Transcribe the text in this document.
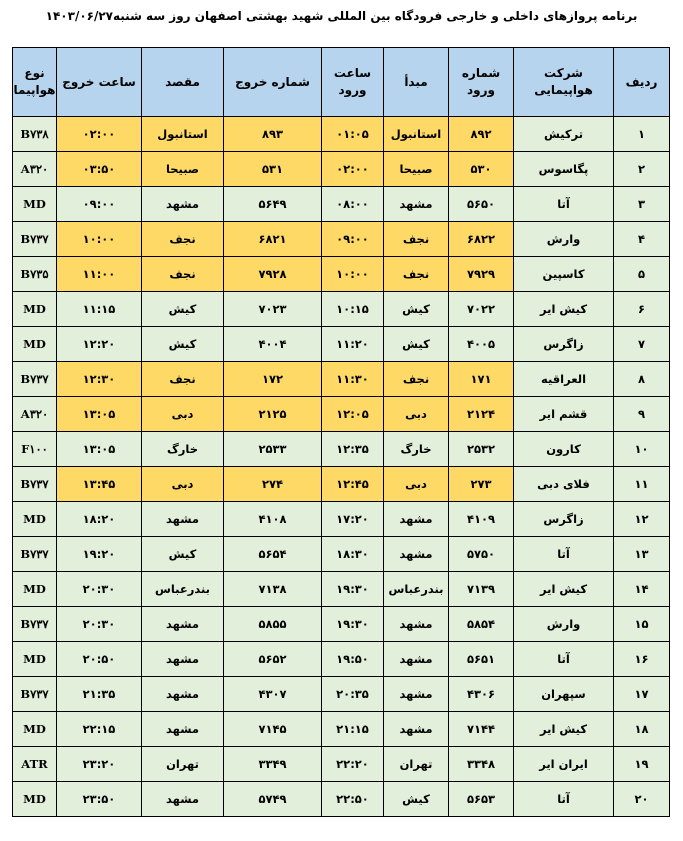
برنامه پروازهای داخلی و خارجی فرودگاه بین المللی شهید بهشتی اصفهان روز سه شنبه۱۴۰۳/۰۶/۲۷
ردیف	شرکت هواپیمایی	شماره ورود	مبدأ	ساعت ورود	شماره خروج	مقصد	ساعت خروج	نوع هواپیما
۱	ترکیش	۸۹۲	استانبول	۰۱:۰۵	۸۹۳	استانبول	۰۲:۰۰	B۷۳۸
۲	پگاسوس	۵۳۰	صبیحا	۰۲:۰۰	۵۳۱	صبیحا	۰۳:۵۰	A۳۲۰
۳	آتا	۵۶۵۰	مشهد	۰۸:۰۰	۵۶۴۹	مشهد	۰۹:۰۰	MD
۴	وارش	۶۸۲۲	نجف	۰۹:۰۰	۶۸۲۱	نجف	۱۰:۰۰	B۷۳۷
۵	کاسپین	۷۹۲۹	نجف	۱۰:۰۰	۷۹۲۸	نجف	۱۱:۰۰	B۷۳۵
۶	کیش ایر	۷۰۲۲	کیش	۱۰:۱۵	۷۰۲۳	کیش	۱۱:۱۵	MD
۷	زاگرس	۴۰۰۵	کیش	۱۱:۲۰	۴۰۰۴	کیش	۱۲:۲۰	MD
۸	العراقیه	۱۷۱	نجف	۱۱:۳۰	۱۷۲	نجف	۱۲:۳۰	B۷۳۷
۹	قشم ایر	۲۱۲۴	دبی	۱۲:۰۵	۲۱۲۵	دبی	۱۳:۰۵	A۳۲۰
۱۰	کارون	۲۵۳۲	خارگ	۱۲:۳۵	۲۵۳۳	خارگ	۱۳:۰۵	F۱۰۰
۱۱	فلای دبی	۲۷۳	دبی	۱۲:۴۵	۲۷۴	دبی	۱۳:۴۵	B۷۳۷
۱۲	زاگرس	۴۱۰۹	مشهد	۱۷:۲۰	۴۱۰۸	مشهد	۱۸:۲۰	MD
۱۳	آتا	۵۷۵۰	مشهد	۱۸:۳۰	۵۶۵۴	کیش	۱۹:۲۰	B۷۳۷
۱۴	کیش ایر	۷۱۳۹	بندرعباس	۱۹:۳۰	۷۱۳۸	بندرعباس	۲۰:۳۰	MD
۱۵	وارش	۵۸۵۴	مشهد	۱۹:۳۰	۵۸۵۵	مشهد	۲۰:۳۰	B۷۳۷
۱۶	آتا	۵۶۵۱	مشهد	۱۹:۵۰	۵۶۵۲	مشهد	۲۰:۵۰	MD
۱۷	سپهران	۴۳۰۶	مشهد	۲۰:۳۵	۴۳۰۷	مشهد	۲۱:۳۵	B۷۳۷
۱۸	کیش ایر	۷۱۴۴	مشهد	۲۱:۱۵	۷۱۴۵	مشهد	۲۲:۱۵	MD
۱۹	ایران ایر	۳۳۴۸	تهران	۲۲:۲۰	۳۳۴۹	تهران	۲۳:۲۰	ATR
۲۰	آتا	۵۶۵۳	کیش	۲۲:۵۰	۵۷۴۹	مشهد	۲۳:۵۰	MD
